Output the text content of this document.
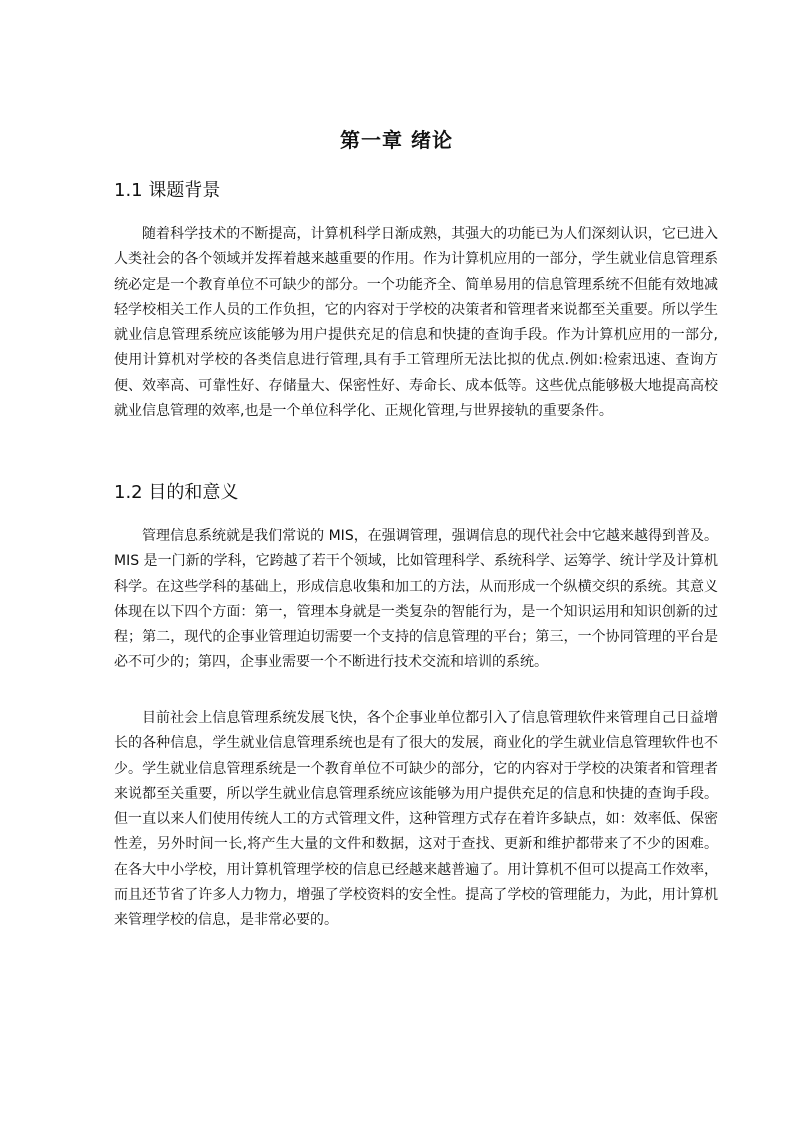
第一章 绪论
1.1 课题背景

随着科学技术的不断提高，计算机科学日渐成熟，其强大的功能已为人们深刻认识，它已进入人类社会的各个领域并发挥着越来越重要的作用。作为计算机应用的一部分，学生就业信息管理系统必定是一个教育单位不可缺少的部分。一个功能齐全、简单易用的信息管理系统不但能有效地减轻学校相关工作人员的工作负担，它的内容对于学校的决策者和管理者来说都至关重要。所以学生就业信息管理系统应该能够为用户提供充足的信息和快捷的查询手段。作为计算机应用的一部分,使用计算机对学校的各类信息进行管理,具有手工管理所无法比拟的优点.例如:检索迅速、查询方便、效率高、可靠性好、存储量大、保密性好、寿命长、成本低等。这些优点能够极大地提高高校就业信息管理的效率,也是一个单位科学化、正规化管理,与世界接轨的重要条件。

1.2 目的和意义

管理信息系统就是我们常说的 MIS，在强调管理，强调信息的现代社会中它越来越得到普及。MIS 是一门新的学科，它跨越了若干个领域，比如管理科学、系统科学、运筹学、统计学及计算机科学。在这些学科的基础上，形成信息收集和加工的方法，从而形成一个纵横交织的系统。其意义体现在以下四个方面：第一，管理本身就是一类复杂的智能行为，是一个知识运用和知识创新的过程；第二，现代的企事业管理迫切需要一个支持的信息管理的平台；第三，一个协同管理的平台是必不可少的；第四，企事业需要一个不断进行技术交流和培训的系统。

目前社会上信息管理系统发展飞快，各个企事业单位都引入了信息管理软件来管理自己日益增长的各种信息，学生就业信息管理系统也是有了很大的发展，商业化的学生就业信息管理软件也不少。学生就业信息管理系统是一个教育单位不可缺少的部分，它的内容对于学校的决策者和管理者来说都至关重要，所以学生就业信息管理系统应该能够为用户提供充足的信息和快捷的查询手段。但一直以来人们使用传统人工的方式管理文件，这种管理方式存在着许多缺点，如：效率低、保密性差，另外时间一长,将产生大量的文件和数据，这对于查找、更新和维护都带来了不少的困难。在各大中小学校，用计算机管理学校的信息已经越来越普遍了。用计算机不但可以提高工作效率，而且还节省了许多人力物力，增强了学校资料的安全性。提高了学校的管理能力，为此，用计算机来管理学校的信息，是非常必要的。
